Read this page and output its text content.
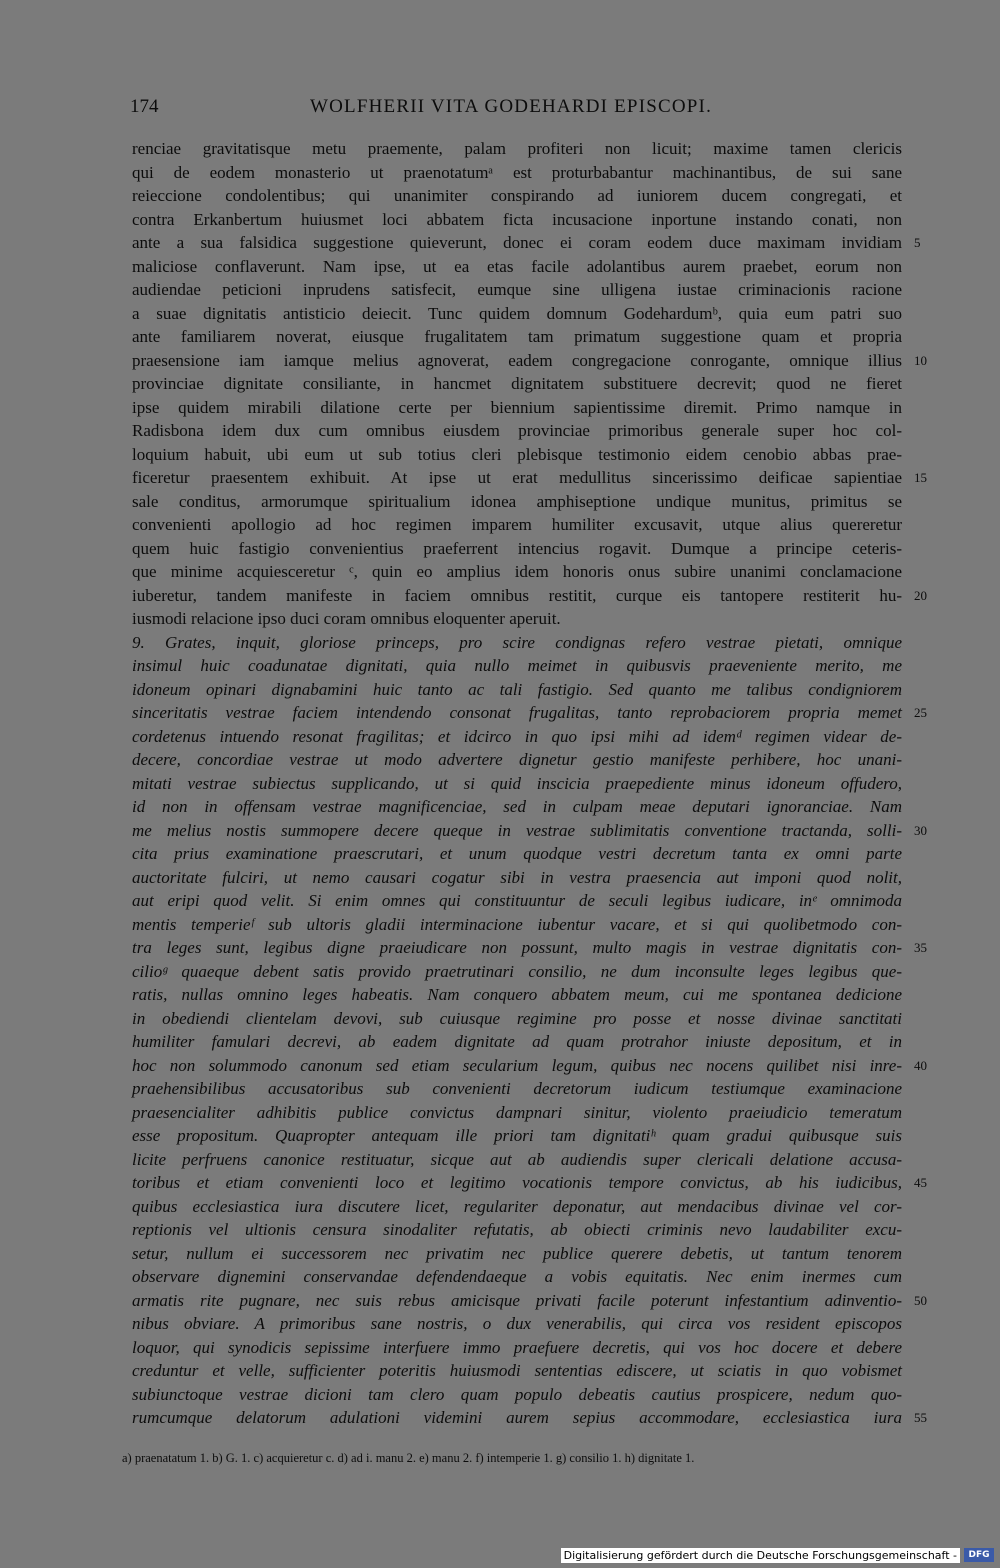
174	WOLFHERII VITA GODEHARDI EPISCOPI.
renciae gravitatisque metu praemente, palam profiteri non licuit; maxime tamen clericis
qui de eodem monasterio ut praenotatumᵃ est proturbabantur machinantibus, de sui sane
reieccione condolentibus; qui unanimiter conspirando ad iuniorem ducem congregati, et
contra Erkanbertum huiusmet loci abbatem ficta incusacione inportune instando conati, non
ante a sua falsidica suggestione quieverunt, donec ei coram eodem duce maximam invidiam 5
maliciose conflaverunt. Nam ipse, ut ea etas facile adolantibus aurem praebet, eorum non
audiendae peticioni inprudens satisfecit, eumque sine ulligena iustae criminacionis racione
a suae dignitatis antisticio deiecit. Tunc quidem domnum Godehardumᵇ, quia eum patri suo
ante familiarem noverat, eiusque frugalitatem tam primatum suggestione quam et propria
praesensione iam iamque melius agnoverat, eadem congregacione conrogante, omnique illius 10
provinciae dignitate consiliante, in hancmet dignitatem substituere decrevit; quod ne fieret
ipse quidem mirabili dilatione certe per biennium sapientissime diremit. Primo namque in
Radisbona idem dux cum omnibus eiusdem provinciae primoribus generale super hoc col-
loquium habuit, ubi eum ut sub totius cleri plebisque testimonio eidem cenobio abbas prae-
ficeretur praesentem exhibuit. At ipse ut erat medullitus sincerissimo deificae sapientiae 15
sale conditus, armorumque spiritualium idonea amphiseptione undique munitus, primitus se
convenienti apollogio ad hoc regimen imparem humiliter excusavit, utque alius quereretur
quem huic fastigio convenientius praeferrent intencius rogavit. Dumque a principe ceteris-
que minime acquiesceretur ᶜ, quin eo amplius idem honoris onus subire unanimi conclamacione
iuberetur, tandem manifeste in faciem omnibus restitit, curque eis tantopere restiterit hu- 20
iusmodi relacione ipso duci coram omnibus eloquenter aperuit.
9. Grates, inquit, gloriose princeps, pro scire condignas refero vestrae pietati, omnique
insimul huic coadunatae dignitati, quia nullo meimet in quibusvis praeveniente merito, me
idoneum opinari dignabamini huic tanto ac tali fastigio. Sed quanto me talibus condigniorem
sinceritatis vestrae faciem intendendo consonat frugalitas, tanto reprobaciorem propria memet 25
cordetenus intuendo resonat fragilitas; et idcirco in quo ipsi mihi ad idemᵈ regimen videar de-
decere, concordiae vestrae ut modo advertere dignetur gestio manifeste perhibere, hoc unani-
mitati vestrae subiectus supplicando, ut si quid inscicia praepediente minus idoneum offudero,
id non in offensam vestrae magnificenciae, sed in culpam meae deputari ignoranciae. Nam
me melius nostis summopere decere queque in vestrae sublimitatis conventione tractanda, solli- 30
cita prius examinatione praescrutari, et unum quodque vestri decretum tanta ex omni parte
auctoritate fulciri, ut nemo causari cogatur sibi in vestra praesencia aut imponi quod nolit,
aut eripi quod velit. Si enim omnes qui constituuntur de seculi legibus iudicare, inᵉ omnimoda
mentis temperieᶠ sub ultoris gladii interminacione iubentur vacare, et si qui quolibetmodo con-
tra leges sunt, legibus digne praeiudicare non possunt, multo magis in vestrae dignitatis con- 35
cilioᵍ quaeque debent satis provido praetrutinari consilio, ne dum inconsulte leges legibus que-
ratis, nullas omnino leges habeatis. Nam conquero abbatem meum, cui me spontanea dedicione
in obediendi clientelam devovi, sub cuiusque regimine pro posse et nosse divinae sanctitati
humiliter famulari decrevi, ab eadem dignitate ad quam protrahor iniuste depositum, et in
hoc non solummodo canonum sed etiam secularium legum, quibus nec nocens quilibet nisi inre- 40
praehensibilibus accusatoribus sub convenienti decretorum iudicum testiumque examinacione
praesencialiter adhibitis publice convictus dampnari sinitur, violento praeiudicio temeratum
esse propositum. Quapropter antequam ille priori tam dignitatiʰ quam gradui quibusque suis
licite perfruens canonice restituatur, sicque aut ab audiendis super clericali delatione accusa-
toribus et etiam convenienti loco et legitimo vocationis tempore convictus, ab his iudicibus, 45
quibus ecclesiastica iura discutere licet, regulariter deponatur, aut mendacibus divinae vel cor-
reptionis vel ultionis censura sinodaliter refutatis, ab obiecti criminis nevo laudabiliter excu-
setur, nullum ei successorem nec privatim nec publice querere debetis, ut tantum tenorem
observare dignemini conservandae defendendaeque a vobis equitatis. Nec enim inermes cum
armatis rite pugnare, nec suis rebus amicisque privati facile poterunt infestantium adinventio- 50
nibus obviare. A primoribus sane nostris, o dux venerabilis, qui circa vos resident episcopos
loquor, qui synodicis sepissime interfuere immo praefuere decretis, qui vos hoc docere et debere
creduntur et velle, sufficienter poteritis huiusmodi sententias ediscere, ut sciatis in quo vobismet
subiunctoque vestrae dicioni tam clero quam populo debeatis cautius prospicere, nedum quo-
rumcumque delatorum adulationi videmini aurem sepius accommodare, ecclesiastica iura 55
a) praenatatum 1. b) G. 1. c) acquieretur c. d) ad i. manu 2. e) manu 2. f) intemperie 1. g) consilio 1. h) dignitate 1.
Digitalisierung gefördert durch die Deutsche Forschungsgemeinschaft -	DFG
